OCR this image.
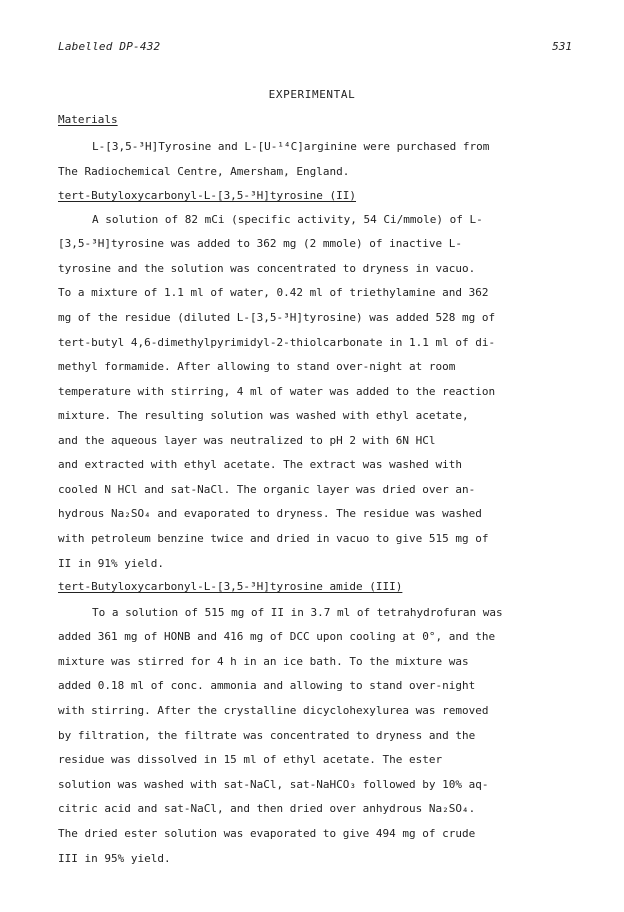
Labelled DP-432	531
EXPERIMENTAL
Materials
L-[3,5-³H]Tyrosine and L-[U-¹⁴C]arginine were purchased from
The Radiochemical Centre, Amersham, England.
tert-Butyloxycarbonyl-L-[3,5-³H]tyrosine (II)
A solution of 82 mCi (specific activity, 54 Ci/mmole) of L-
[3,5-³H]tyrosine was added to 362 mg (2 mmole) of inactive L-
tyrosine and the solution was concentrated to dryness in vacuo.
To a mixture of 1.1 ml of water, 0.42 ml of triethylamine and 362
mg of the residue (diluted L-[3,5-³H]tyrosine) was added 528 mg of
tert-butyl 4,6-dimethylpyrimidyl-2-thiolcarbonate in 1.1 ml of di-
methyl formamide. After allowing to stand over-night at room
temperature with stirring, 4 ml of water was added to the reaction
mixture. The resulting solution was washed with ethyl acetate,
and the aqueous layer was neutralized to pH 2 with 6N HCl
and extracted with ethyl acetate. The extract was washed with
cooled N HCl and sat-NaCl. The organic layer was dried over an-
hydrous Na₂SO₄ and evaporated to dryness. The residue was washed
with petroleum benzine twice and dried in vacuo to give 515 mg of
II in 91% yield.
tert-Butyloxycarbonyl-L-[3,5-³H]tyrosine amide (III)
To a solution of 515 mg of II in 3.7 ml of tetrahydrofuran was
added 361 mg of HONB and 416 mg of DCC upon cooling at 0°, and the
mixture was stirred for 4 h in an ice bath. To the mixture was
added 0.18 ml of conc. ammonia and allowing to stand over-night
with stirring. After the crystalline dicyclohexylurea was removed
by filtration, the filtrate was concentrated to dryness and the
residue was dissolved in 15 ml of ethyl acetate. The ester
solution was washed with sat-NaCl, sat-NaHCO₃ followed by 10% aq-
citric acid and sat-NaCl, and then dried over anhydrous Na₂SO₄.
The dried ester solution was evaporated to give 494 mg of crude
III in 95% yield.
